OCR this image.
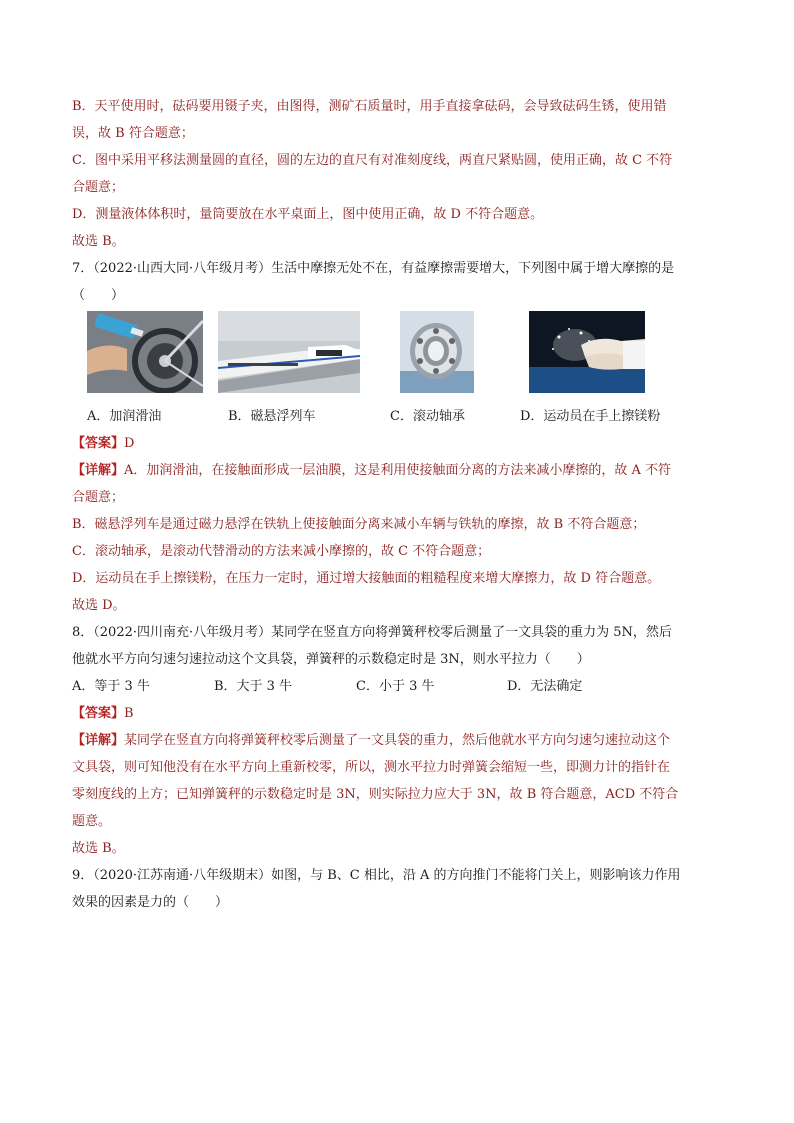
B．天平使用时，砝码要用镊子夹，由图得，测矿石质量时，用手直接拿砝码，会导致砝码生锈，使用错
误，故 B 符合题意；
C．图中采用平移法测量圆的直径，圆的左边的直尺有对准刻度线，两直尺紧贴圆，使用正确，故 C 不符
合题意；
D．测量液体体积时，量筒要放在水平桌面上，图中使用正确，故 D 不符合题意。
故选 B。
7．（2022·山西大同·八年级月考）生活中摩擦无处不在，有益摩擦需要增大，下列图中属于增大摩擦的是
（　　）
A．加润滑油	B．磁悬浮列车	C．滚动轴承	D．运动员在手上擦镁粉
【答案】D
【详解】A．加润滑油，在接触面形成一层油膜，这是利用使接触面分离的方法来减小摩擦的，故 A 不符
合题意；
B．磁悬浮列车是通过磁力悬浮在铁轨上使接触面分离来减小车辆与铁轨的摩擦，故 B 不符合题意；
C．滚动轴承，是滚动代替滑动的方法来减小摩擦的，故 C 不符合题意；
D．运动员在手上擦镁粉，在压力一定时，通过增大接触面的粗糙程度来增大摩擦力，故 D 符合题意。
故选 D。
8．（2022·四川南充·八年级月考）某同学在竖直方向将弹簧秤校零后测量了一文具袋的重力为 5N，然后
他就水平方向匀速匀速拉动这个文具袋，弹簧秤的示数稳定时是 3N，则水平拉力（　　）
A．等于 3 牛	B．大于 3 牛	C．小于 3 牛	D．无法确定
【答案】B
【详解】某同学在竖直方向将弹簧秤校零后测量了一文具袋的重力，然后他就水平方向匀速匀速拉动这个
文具袋，则可知他没有在水平方向上重新校零，所以，测水平拉力时弹簧会缩短一些，即测力计的指针在
零刻度线的上方；已知弹簧秤的示数稳定时是 3N，则实际拉力应大于 3N，故 B 符合题意，ACD 不符合
题意。
故选 B。
9．（2020·江苏南通·八年级期末）如图，与 B、C 相比，沿 A 的方向推门不能将门关上，则影响该力作用
效果的因素是力的（　　）
